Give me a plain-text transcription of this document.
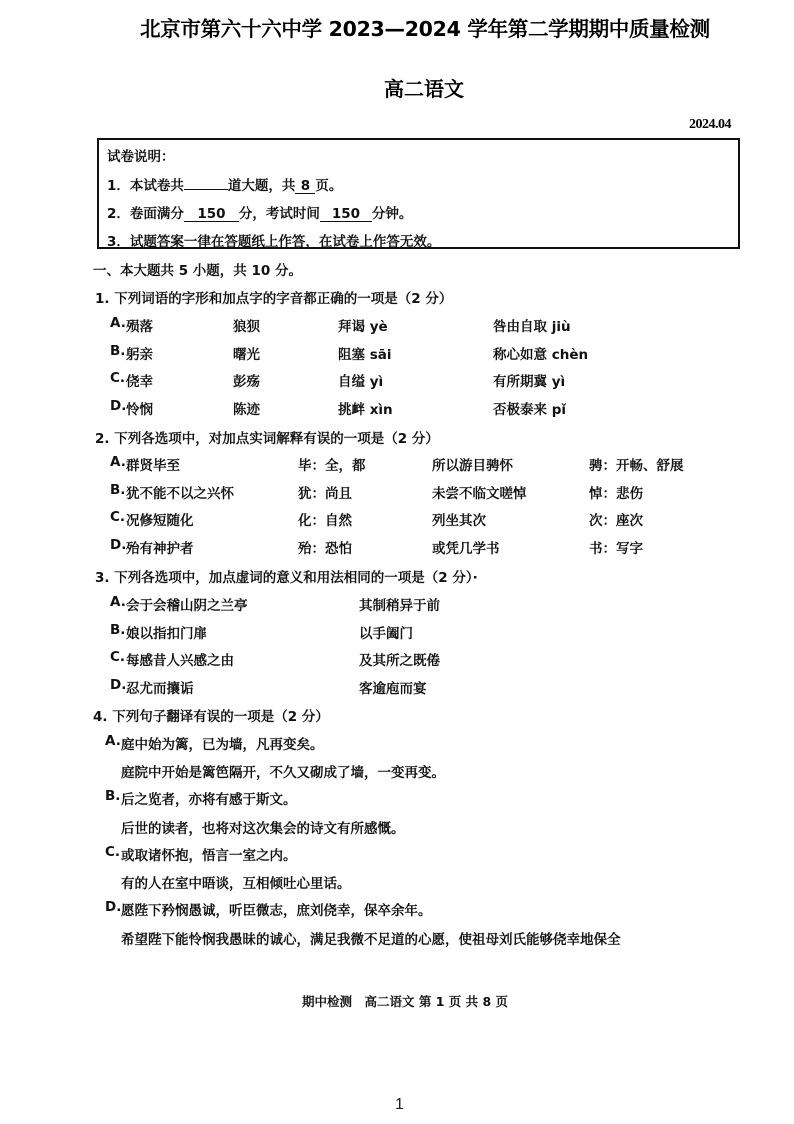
北京市第六十六中学 2023—2024 学年第二学期期中质量检测
高二语文
2024.04
试卷说明：
1．本试卷共	道大题，共 8 页。
2．卷面满分 150 分，考试时间 150 分钟。
3．试题答案一律在答题纸上作答，在试卷上作答无效。
一、本大题共 5 小题，共 10 分。
1. 下列词语的字形和加点字的字音都正确的一项是（2 分）
A. 殒落	狼狈	拜谒 yè	咎由自取 jiù
B. 躬亲	曙光	阻塞 sāi	称心如意 chèn
C. 侥幸	彭殇	自缢 yì	有所期冀 yì
D. 怜悯	陈迹	挑衅 xìn	否极泰来 pǐ
2. 下列各选项中，对加点实词解释有误的一项是（2 分）
A. 群贤毕至	毕：全，都	所以游目骋怀	骋：开畅、舒展
B. 犹不能不以之兴怀	犹：尚且	未尝不临文嗟悼	悼：悲伤
C. 况修短随化	化：自然	列坐其次	次：座次
D. 殆有神护者	殆：恐怕	或凭几学书	书：写字
3. 下列各选项中，加点虚词的意义和用法相同的一项是（2 分）·
A. 会于会稽山阴之兰亭	其制稍异于前
B. 娘以指扣门扉	以手阖门
C. 每感昔人兴感之由	及其所之既倦
D. 忍尤而攘诟	客逾庖而宴
4. 下列句子翻译有误的一项是（2 分）
A. 庭中始为篱，已为墙，凡再变矣。
庭院中开始是篱笆隔开，不久又砌成了墙，一变再变。
B. 后之览者，亦将有感于斯文。
后世的读者，也将对这次集会的诗文有所感慨。
C. 或取诸怀抱，悟言一室之内。
有的人在室中晤谈，互相倾吐心里话。
D. 愿陛下矜悯愚诚，听臣微志，庶刘侥幸，保卒余年。
希望陛下能怜悯我愚昧的诚心，满足我微不足道的心愿，使祖母刘氏能够侥幸地保全
期中检测　高二语文 第 1 页 共 8 页
1
